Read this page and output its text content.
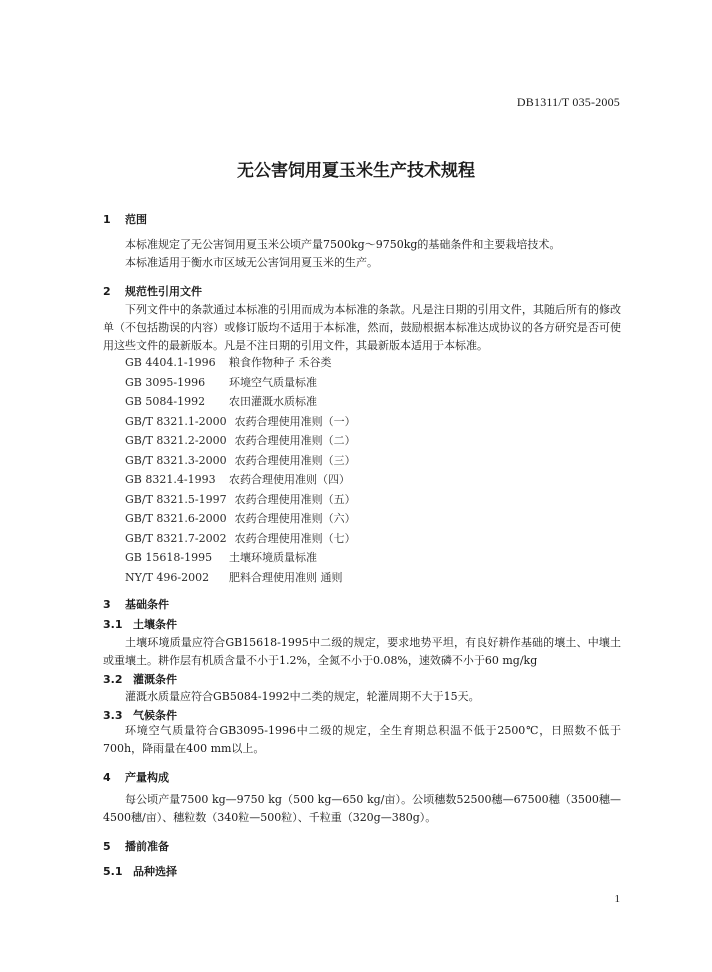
DB1311/T 035-2005
无公害饲用夏玉米生产技术规程
1 范围

本标准规定了无公害饲用夏玉米公顷产量7500kg～9750kg的基础条件和主要栽培技术。

本标准适用于衡水市区域无公害饲用夏玉米的生产。

2 规范性引用文件

下列文件中的条款通过本标准的引用而成为本标准的条款。凡是注日期的引用文件，其随后所有的修改单（不包括勘误的内容）或修订版均不适用于本标准，然而，鼓励根据本标准达成协议的各方研究是否可使用这些文件的最新版本。凡是不注日期的引用文件，其最新版本适用于本标准。

GB 4404.1-1996 粮食作物种子 禾谷类
GB 3095-1996 环境空气质量标准
GB 5084-1992 农田灌溉水质标准
GB/T 8321.1-2000 农药合理使用准则（一）
GB/T 8321.2-2000 农药合理使用准则（二）
GB/T 8321.3-2000 农药合理使用准则（三）
GB 8321.4-1993 农药合理使用准则（四）
GB/T 8321.5-1997 农药合理使用准则（五）
GB/T 8321.6-2000 农药合理使用准则（六）
GB/T 8321.7-2002 农药合理使用准则（七）
GB 15618-1995 土壤环境质量标准
NY/T 496-2002 肥料合理使用准则 通则
3 基础条件
3.1 土壤条件

土壤环境质量应符合GB15618-1995中二级的规定，要求地势平坦，有良好耕作基础的壤土、中壤土或重壤土。耕作层有机质含量不小于1.2%，全氮不小于0.08%，速效磷不小于60 mg/kg

3.2 灌溉条件

灌溉水质量应符合GB5084-1992中二类的规定，轮灌周期不大于15天。

3.3 气候条件

环境空气质量符合GB3095-1996中二级的规定，全生育期总积温不低于2500℃，日照数不低于700h，降雨量在400 mm以上。

4 产量构成

每公顷产量7500 kg—9750 kg（500 kg—650 kg/亩）。公顷穗数52500穗—67500穗（3500穗—4500穗/亩）、穗粒数（340粒—500粒）、千粒重（320g—380g）。

5 播前准备
5.1 品种选择
1
